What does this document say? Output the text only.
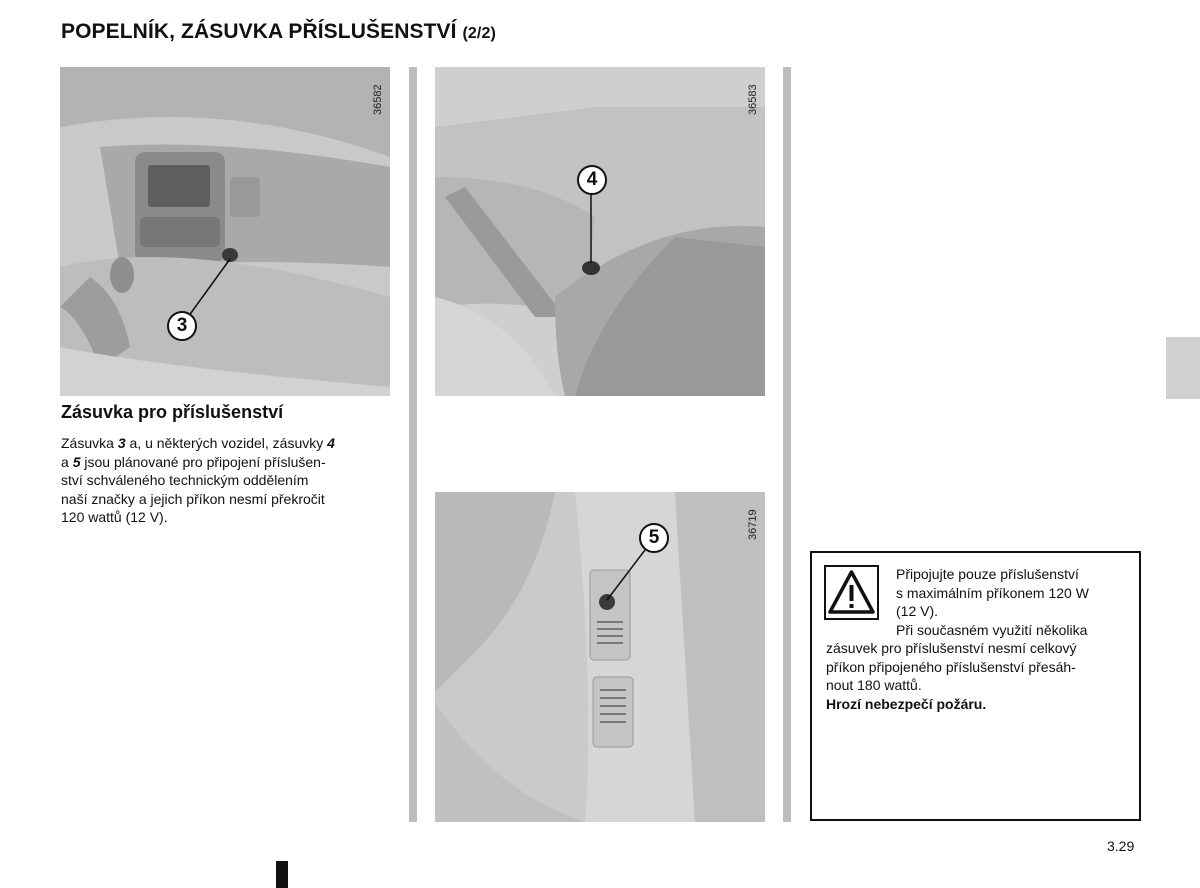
POPELNÍK, ZÁSUVKA PŘÍSLUŠENSTVÍ (2/2)
3
36582
4
36583
5	36719
Zásuvka pro příslušenství
Zásuvka 3 a, u některých vozidel, zásuvky 4
a 5 jsou plánované pro připojení příslušen-
ství schváleného technickým oddělením
naší značky a jejich příkon nesmí překročit
120 wattů (12 V).
Připojujte pouze příslušenství
s maximálním příkonem 120 W
(12 V).
Při současném využití několika
zásuvek pro příslušenství nesmí celkový
příkon připojeného příslušenství přesáh-
nout 180 wattů.
Hrozí nebezpečí požáru.
3.29
